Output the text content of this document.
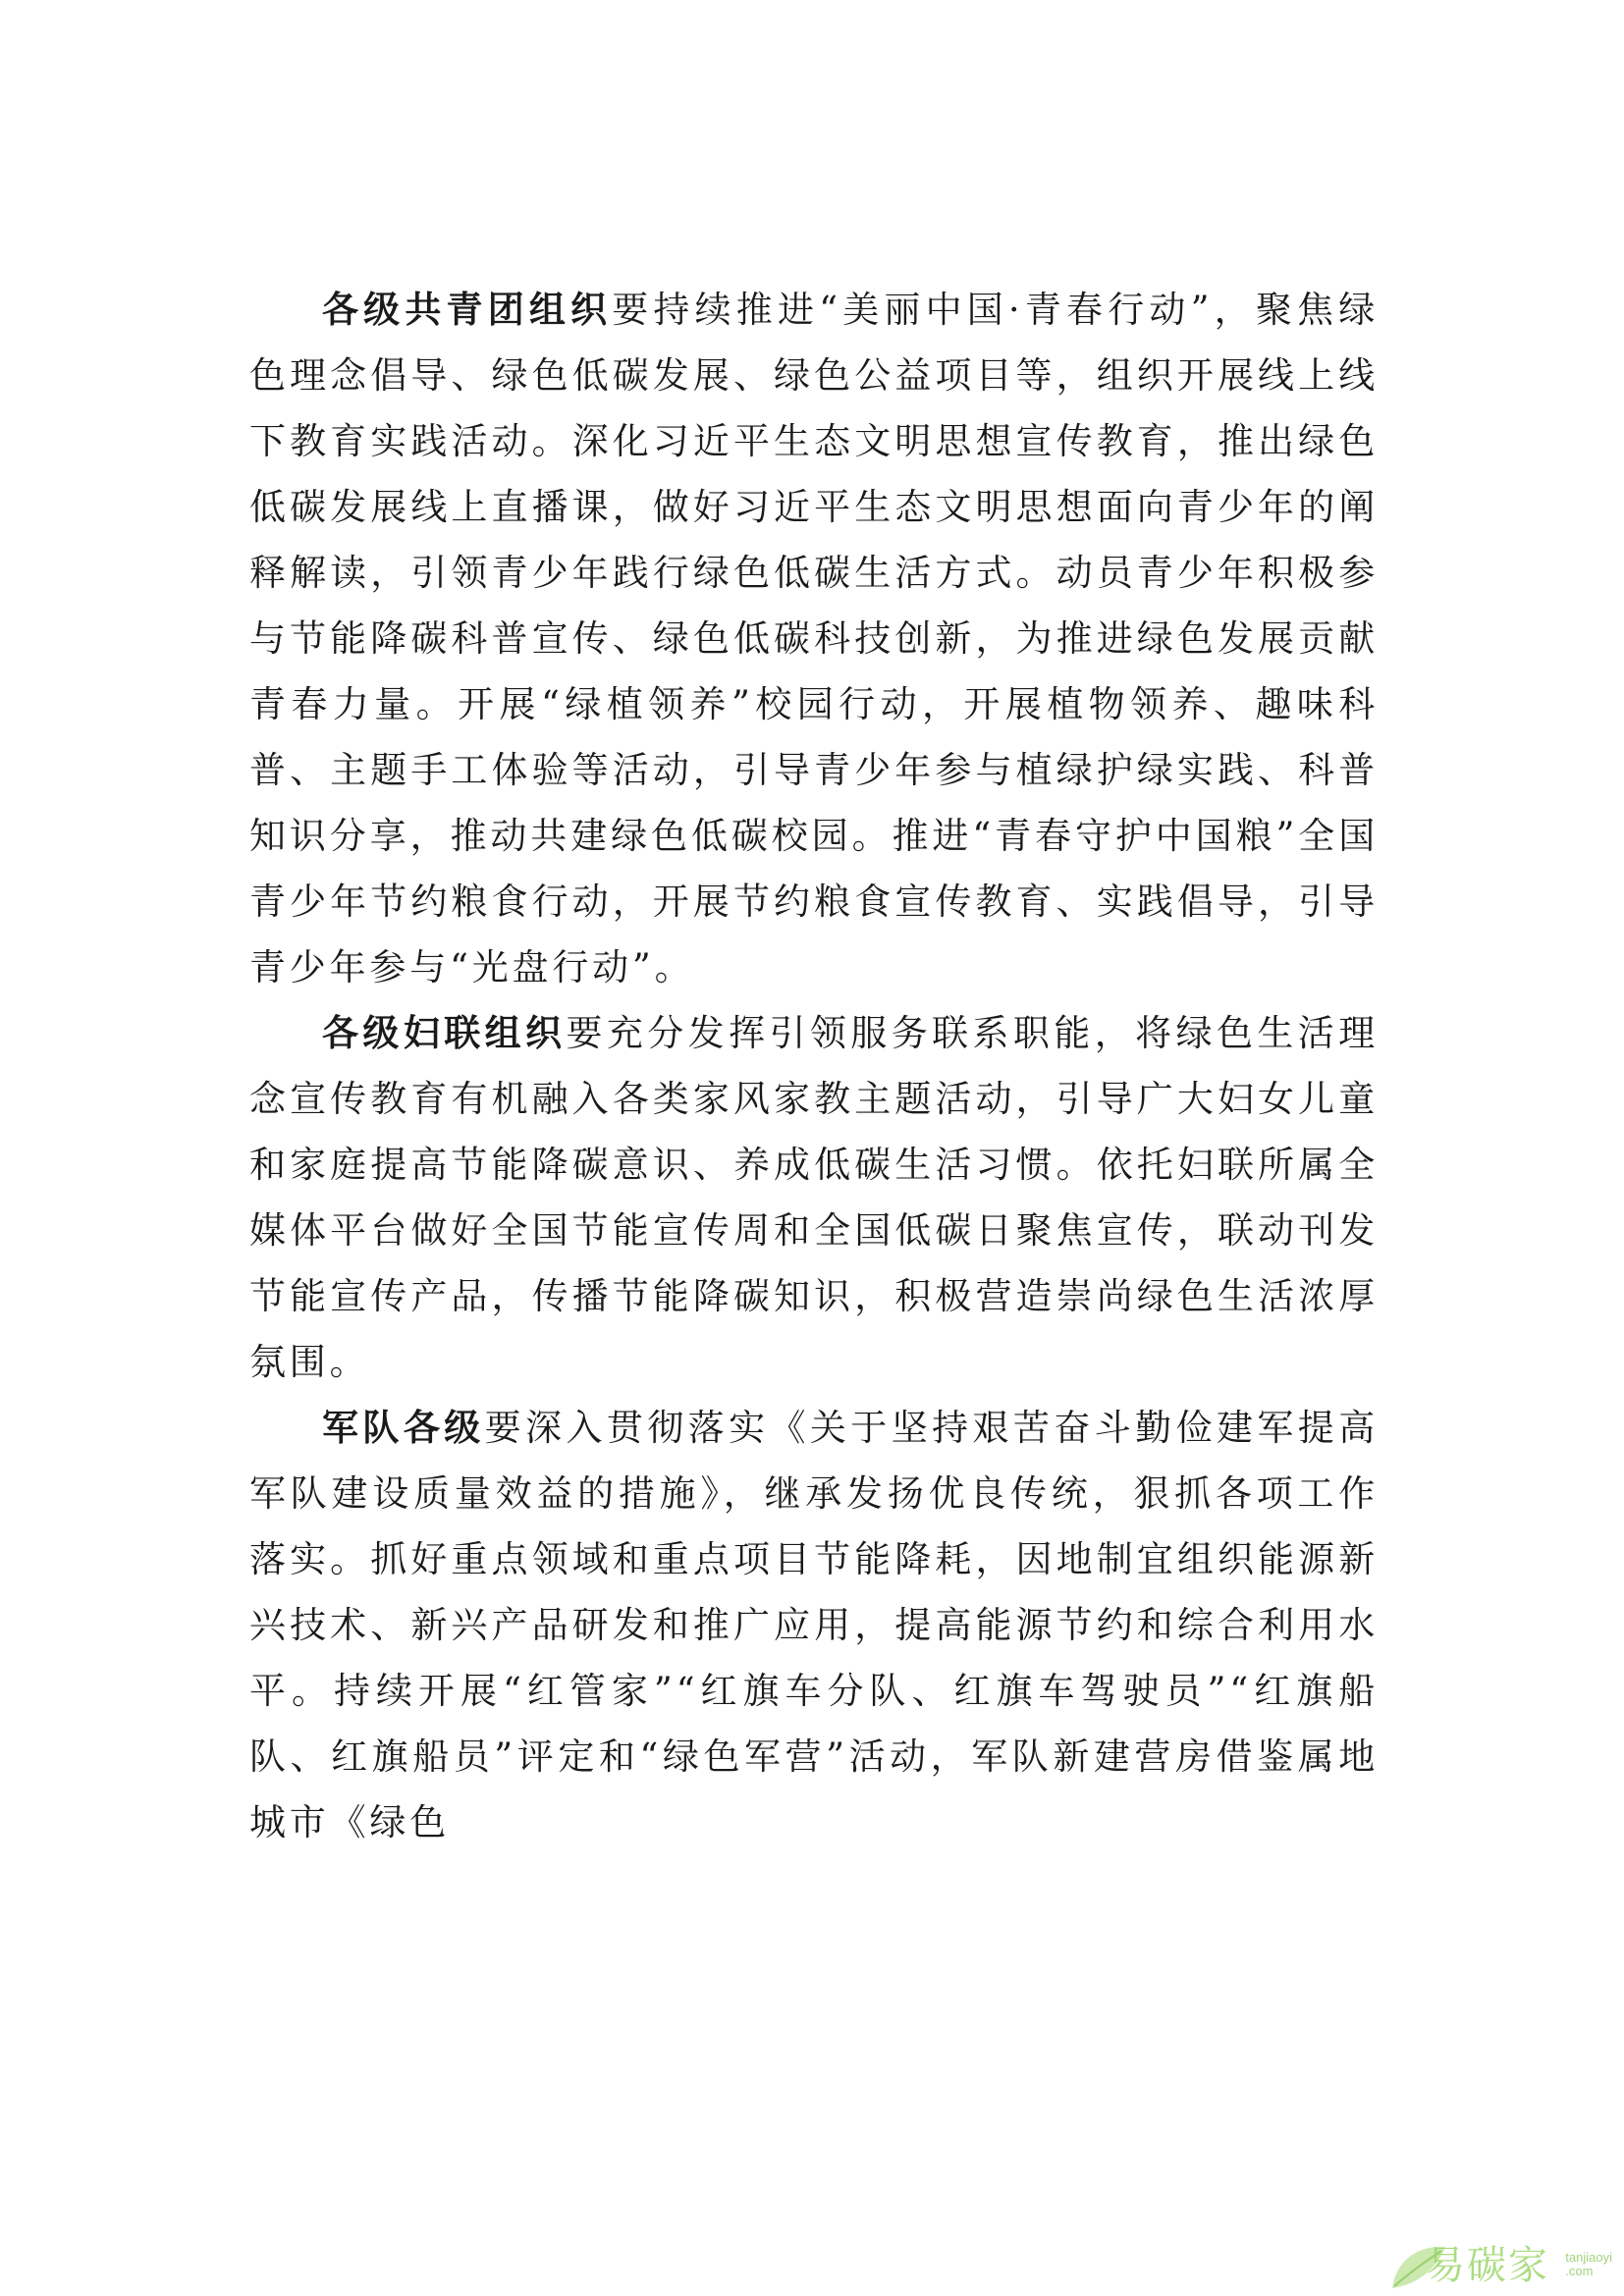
各级共青团组织要持续推进“美丽中国·青春行动”，聚焦绿色理念倡导、绿色低碳发展、绿色公益项目等，组织开展线上线下教育实践活动。深化习近平生态文明思想宣传教育，推出绿色低碳发展线上直播课，做好习近平生态文明思想面向青少年的阐释解读，引领青少年践行绿色低碳生活方式。动员青少年积极参与节能降碳科普宣传、绿色低碳科技创新，为推进绿色发展贡献青春力量。开展“绿植领养”校园行动，开展植物领养、趣味科普、主题手工体验等活动，引导青少年参与植绿护绿实践、科普知识分享，推动共建绿色低碳校园。推进“青春守护中国粮”全国青少年节约粮食行动，开展节约粮食宣传教育、实践倡导，引导青少年参与“光盘行动”。

各级妇联组织要充分发挥引领服务联系职能，将绿色生活理念宣传教育有机融入各类家风家教主题活动，引导广大妇女儿童和家庭提高节能降碳意识、养成低碳生活习惯。依托妇联所属全媒体平台做好全国节能宣传周和全国低碳日聚焦宣传，联动刊发节能宣传产品，传播节能降碳知识，积极营造崇尚绿色生活浓厚氛围。

军队各级要深入贯彻落实《关于坚持艰苦奋斗勤俭建军提高军队建设质量效益的措施》，继承发扬优良传统，狠抓各项工作落实。抓好重点领域和重点项目节能降耗，因地制宜组织能源新兴技术、新兴产品研发和推广应用，提高能源节约和综合利用水平。持续开展“红管家”“红旗车分队、红旗车驾驶员”“红旗船队、红旗船员”评定和“绿色军营”活动，军队新建营房借鉴属地城市《绿色

易碳家 tanjiaoyi
.com
